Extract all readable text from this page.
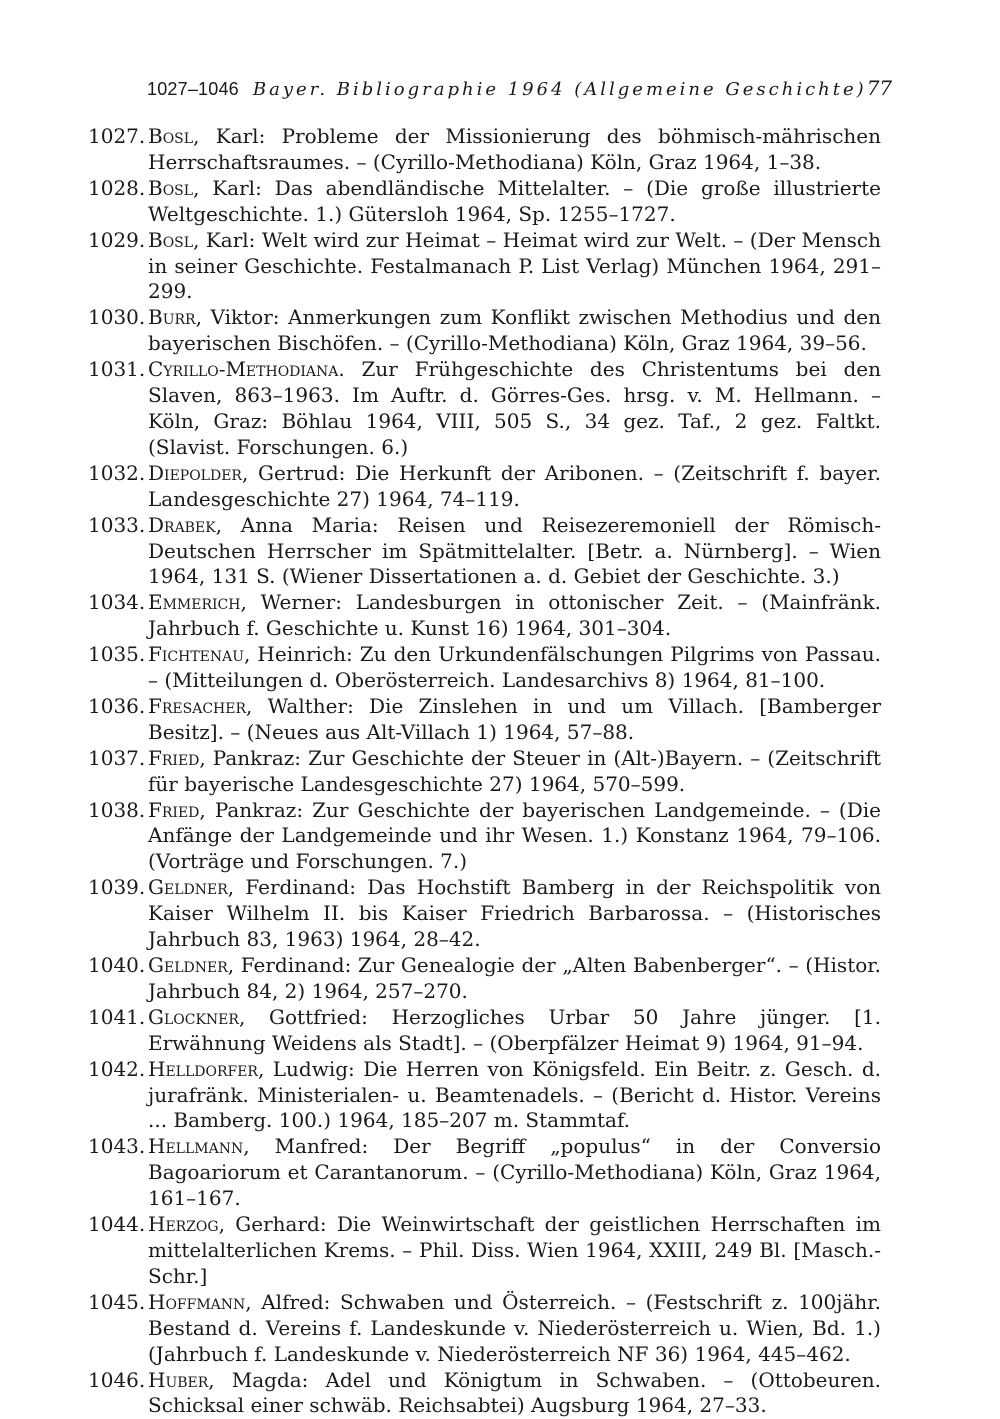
1027–1046 Bayer. Bibliographie 1964 (Allgemeine Geschichte) 77
1027. Bosl, Karl: Probleme der Missionierung des böhmisch-mährischen Herrschaftsraumes. – (Cyrillo-Methodiana) Köln, Graz 1964, 1–38.
1028. Bosl, Karl: Das abendländische Mittelalter. – (Die große illustrierte Weltgeschichte. 1.) Gütersloh 1964, Sp. 1255–1727.
1029. Bosl, Karl: Welt wird zur Heimat – Heimat wird zur Welt. – (Der Mensch in seiner Geschichte. Festalmanach P. List Verlag) München 1964, 291–299.
1030. Burr, Viktor: Anmerkungen zum Konflikt zwischen Methodius und den bayerischen Bischöfen. – (Cyrillo-Methodiana) Köln, Graz 1964, 39–56.
1031. Cyrillo-Methodiana. Zur Frühgeschichte des Christentums bei den Slaven, 863–1963. Im Auftr. d. Görres-Ges. hrsg. v. M. Hellmann. – Köln, Graz: Böhlau 1964, VIII, 505 S., 34 gez. Taf., 2 gez. Faltkt. (Slavist. Forschungen. 6.)
1032. Diepolder, Gertrud: Die Herkunft der Aribonen. – (Zeitschrift f. bayer. Landesgeschichte 27) 1964, 74–119.
1033. Drabek, Anna Maria: Reisen und Reisezeremoniell der Römisch-Deutschen Herrscher im Spätmittelalter. [Betr. a. Nürnberg]. – Wien 1964, 131 S. (Wiener Dissertationen a. d. Gebiet der Geschichte. 3.)
1034. Emmerich, Werner: Landesburgen in ottonischer Zeit. – (Mainfränk. Jahrbuch f. Geschichte u. Kunst 16) 1964, 301–304.
1035. Fichtenau, Heinrich: Zu den Urkundenfälschungen Pilgrims von Passau. – (Mitteilungen d. Oberösterreich. Landesarchivs 8) 1964, 81–100.
1036. Fresacher, Walther: Die Zinslehen in und um Villach. [Bamberger Besitz]. – (Neues aus Alt-Villach 1) 1964, 57–88.
1037. Fried, Pankraz: Zur Geschichte der Steuer in (Alt-)Bayern. – (Zeitschrift für bayerische Landesgeschichte 27) 1964, 570–599.
1038. Fried, Pankraz: Zur Geschichte der bayerischen Landgemeinde. – (Die Anfänge der Landgemeinde und ihr Wesen. 1.) Konstanz 1964, 79–106. (Vorträge und Forschungen. 7.)
1039. Geldner, Ferdinand: Das Hochstift Bamberg in der Reichspolitik von Kaiser Wilhelm II. bis Kaiser Friedrich Barbarossa. – (Historisches Jahrbuch 83, 1963) 1964, 28–42.
1040. Geldner, Ferdinand: Zur Genealogie der „Alten Babenberger“. – (Histor. Jahrbuch 84, 2) 1964, 257–270.
1041. Glockner, Gottfried: Herzogliches Urbar 50 Jahre jünger. [1. Erwähnung Weidens als Stadt]. – (Oberpfälzer Heimat 9) 1964, 91–94.
1042. Helldorfer, Ludwig: Die Herren von Königsfeld. Ein Beitr. z. Gesch. d. jurafränk. Ministerialen- u. Beamtenadels. – (Bericht d. Histor. Vereins ... Bamberg. 100.) 1964, 185–207 m. Stammtaf.
1043. Hellmann, Manfred: Der Begriff „populus“ in der Conversio Bagoariorum et Carantanorum. – (Cyrillo-Methodiana) Köln, Graz 1964, 161–167.
1044. Herzog, Gerhard: Die Weinwirtschaft der geistlichen Herrschaften im mittelalterlichen Krems. – Phil. Diss. Wien 1964, XXIII, 249 Bl. [Masch.-Schr.]
1045. Hoffmann, Alfred: Schwaben und Österreich. – (Festschrift z. 100jähr. Bestand d. Vereins f. Landeskunde v. Niederösterreich u. Wien, Bd. 1.) (Jahrbuch f. Landeskunde v. Niederösterreich NF 36) 1964, 445–462.
1046. Huber, Magda: Adel und Königtum in Schwaben. – (Ottobeuren. Schicksal einer schwäb. Reichsabtei) Augsburg 1964, 27–33.
